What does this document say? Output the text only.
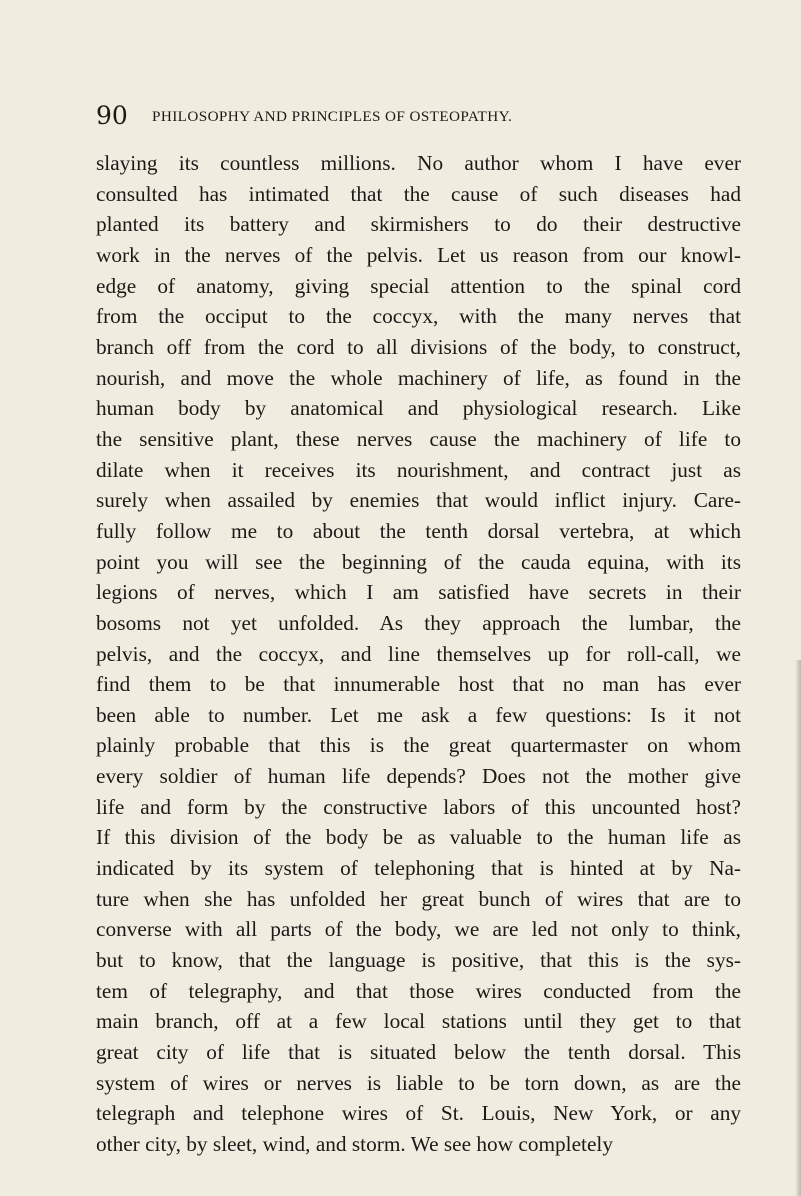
90 PHILOSOPHY AND PRINCIPLES OF OSTEOPATHY.
slaying its countless millions. No author whom I have ever
consulted has intimated that the cause of such diseases had
planted its battery and skirmishers to do their destructive
work in the nerves of the pelvis. Let us reason from our knowl-
edge of anatomy, giving special attention to the spinal cord
from the occiput to the coccyx, with the many nerves that
branch off from the cord to all divisions of the body, to construct,
nourish, and move the whole machinery of life, as found in the
human body by anatomical and physiological research. Like
the sensitive plant, these nerves cause the machinery of life to
dilate when it receives its nourishment, and contract just as
surely when assailed by enemies that would inflict injury. Care-
fully follow me to about the tenth dorsal vertebra, at which
point you will see the beginning of the cauda equina, with its
legions of nerves, which I am satisfied have secrets in their
bosoms not yet unfolded. As they approach the lumbar, the
pelvis, and the coccyx, and line themselves up for roll-call, we
find them to be that innumerable host that no man has ever
been able to number. Let me ask a few questions: Is it not
plainly probable that this is the great quartermaster on whom
every soldier of human life depends? Does not the mother give
life and form by the constructive labors of this uncounted host?
If this division of the body be as valuable to the human life as
indicated by its system of telephoning that is hinted at by Na-
ture when she has unfolded her great bunch of wires that are to
converse with all parts of the body, we are led not only to think,
but to know, that the language is positive, that this is the sys-
tem of telegraphy, and that those wires conducted from the
main branch, off at a few local stations until they get to that
great city of life that is situated below the tenth dorsal. This
system of wires or nerves is liable to be torn down, as are the
telegraph and telephone wires of St. Louis, New York, or any
other city, by sleet, wind, and storm. We see how completely
